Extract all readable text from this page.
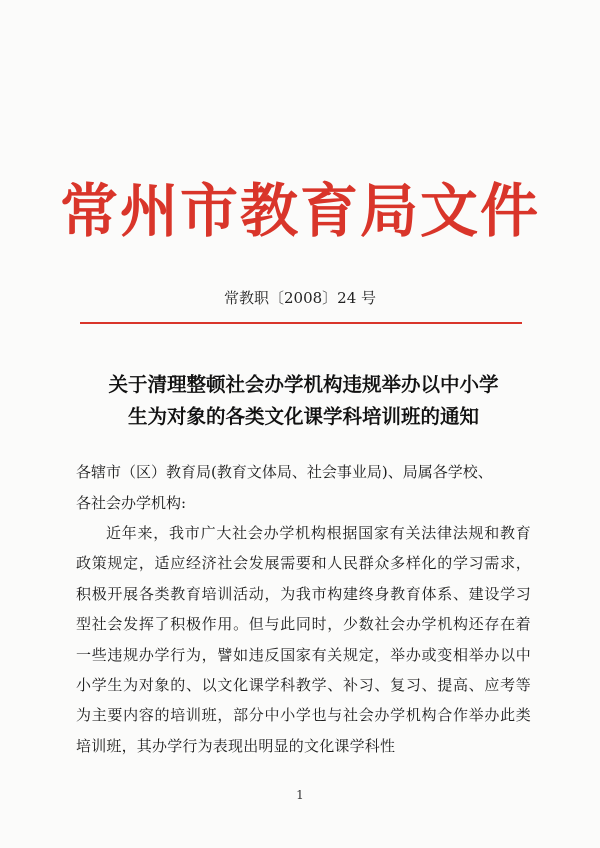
常州市教育局文件
常教职〔2008〕24 号
关于清理整顿社会办学机构违规举办以中小学
生为对象的各类文化课学科培训班的通知
各辖市（区）教育局(教育文体局、社会事业局)、局属各学校、
各社会办学机构:
近年来，我市广大社会办学机构根据国家有关法律法规和教育政策规定，适应经济社会发展需要和人民群众多样化的学习需求，积极开展各类教育培训活动，为我市构建终身教育体系、建设学习型社会发挥了积极作用。但与此同时，少数社会办学机构还存在着一些违规办学行为，譬如违反国家有关规定，举办或变相举办以中小学生为对象的、以文化课学科教学、补习、复习、提高、应考等为主要内容的培训班，部分中小学也与社会办学机构合作举办此类培训班，其办学行为表现出明显的文化课学科性
1
